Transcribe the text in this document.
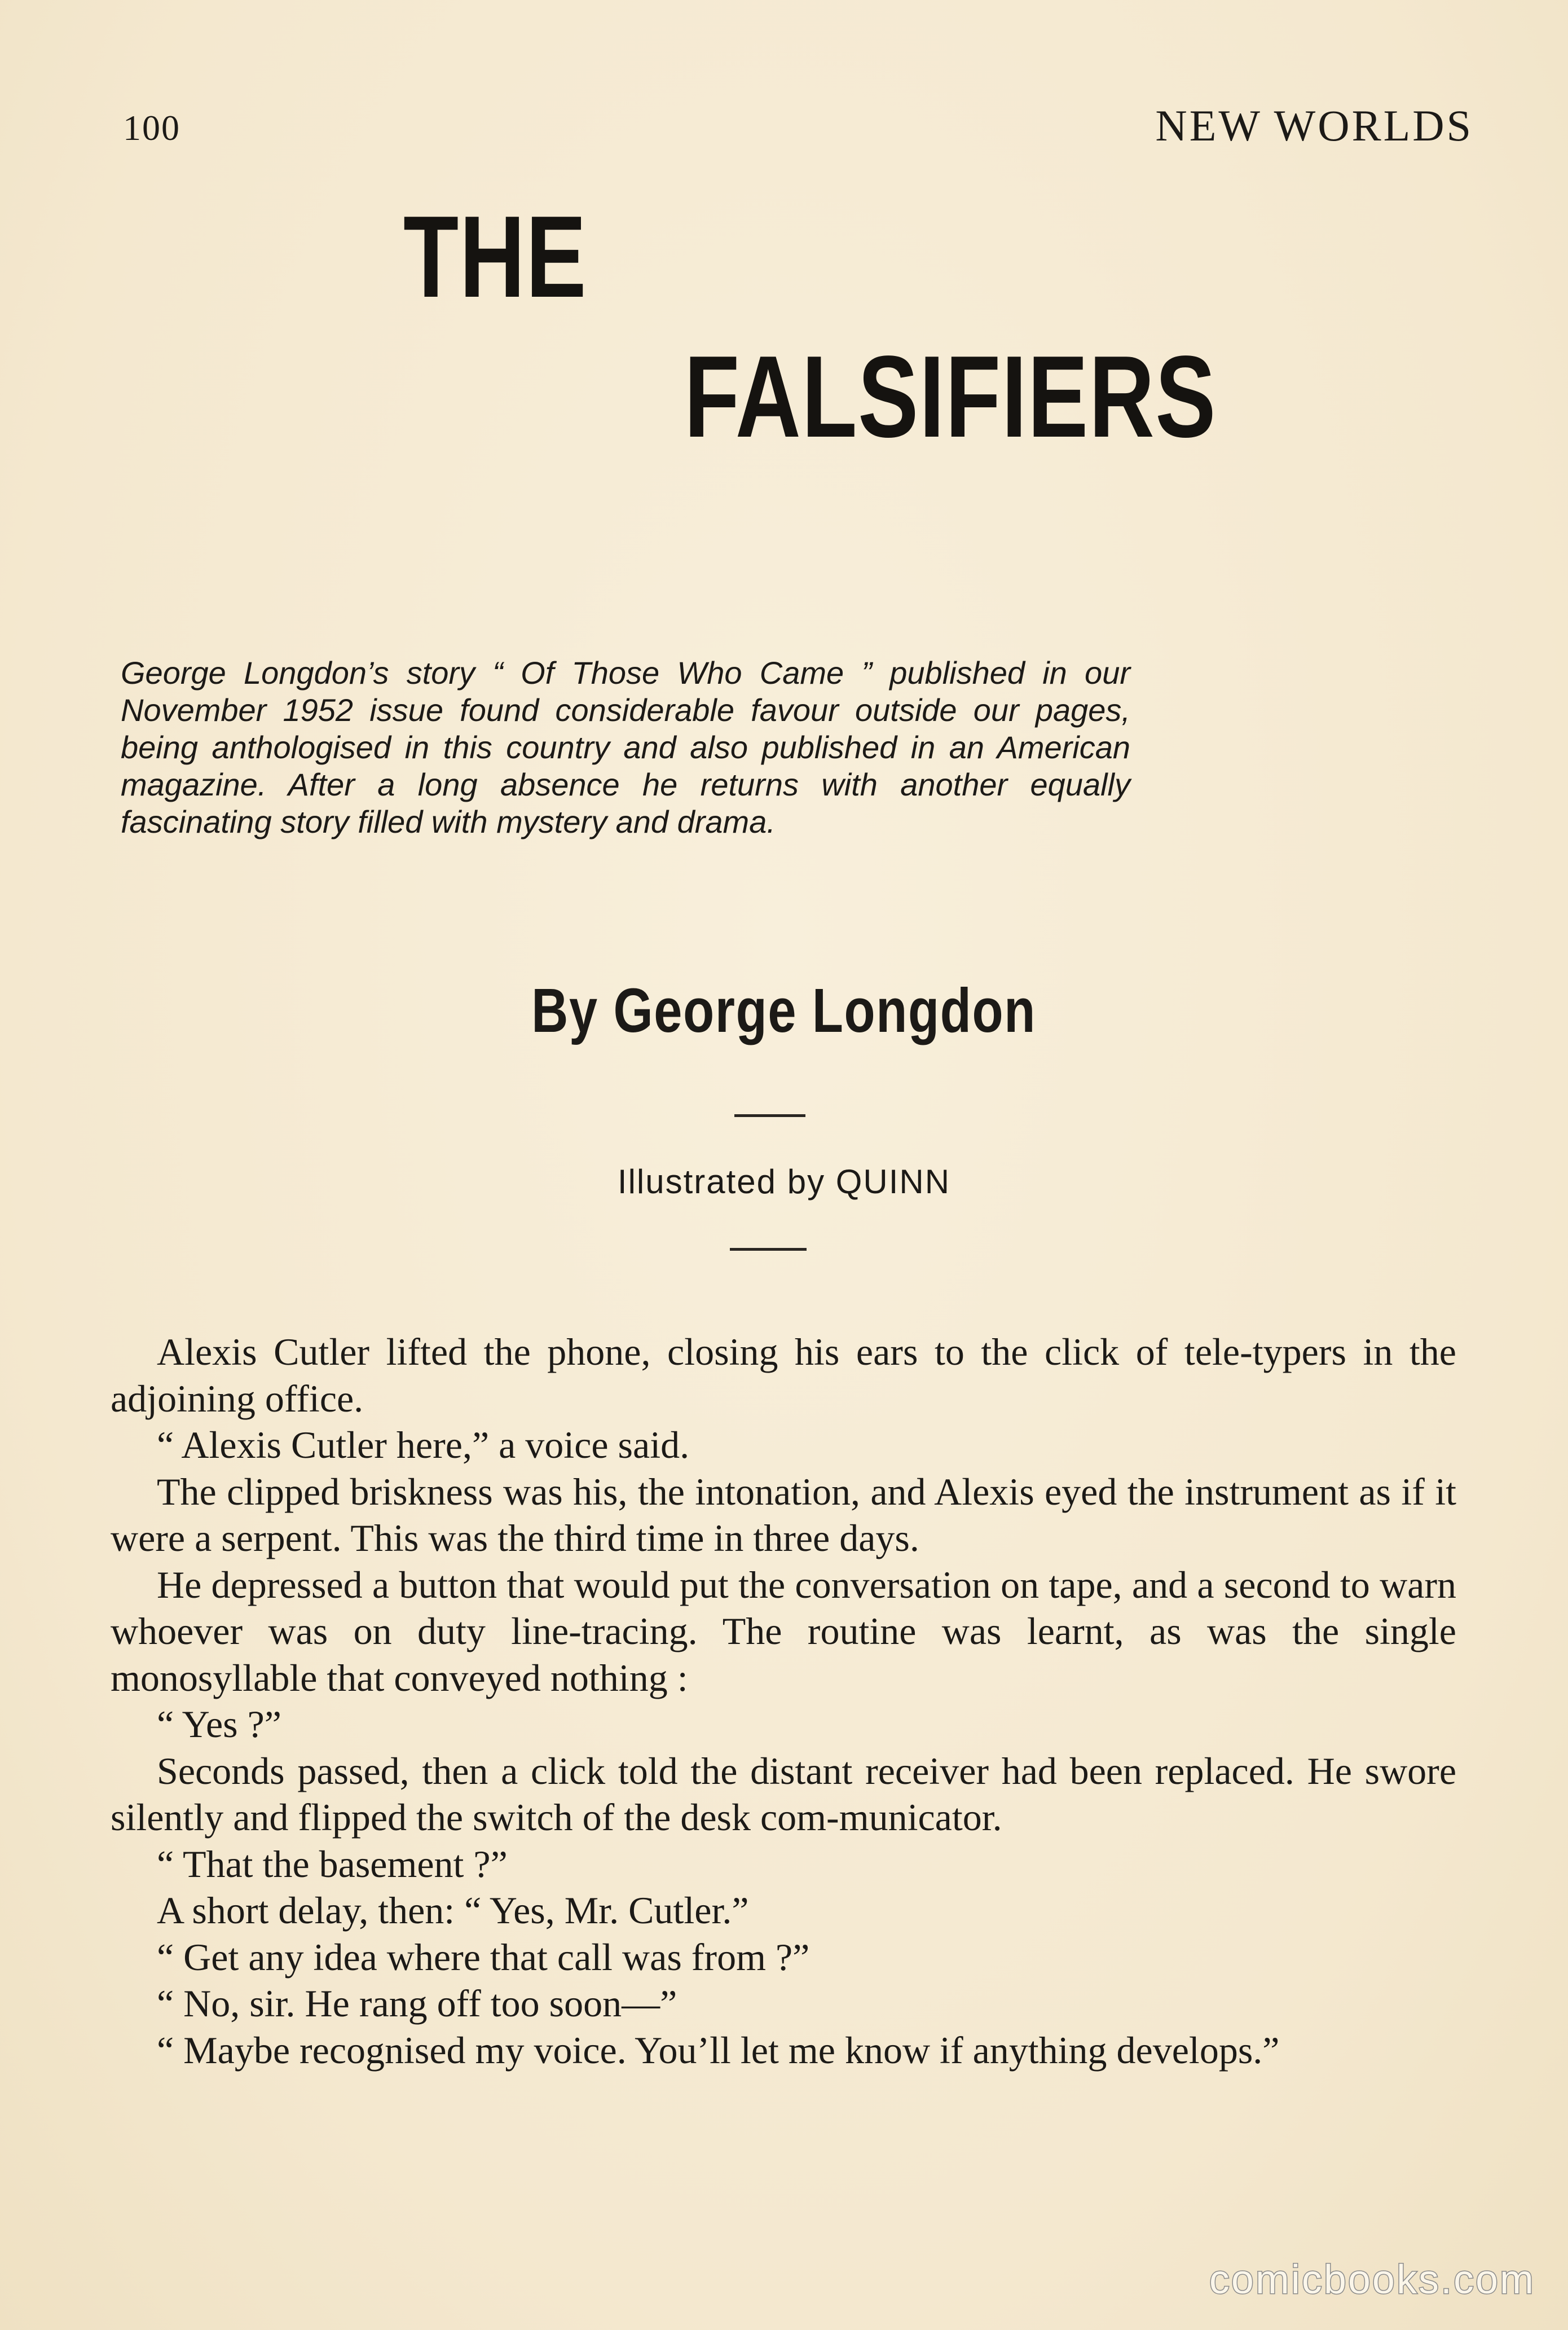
100	NEW WORLDS
THE
FALSIFIERS
George Longdon’s story “ Of Those Who Came ” published in our November 1952 issue found considerable favour outside our pages, being anthologised in this country and also published in an American magazine. After a long absence he returns with another equally fascinating story filled with mystery and drama.
By George Longdon
Illustrated by QUINN

Alexis Cutler lifted the phone, closing his ears to the click of tele-typers in the adjoining office.

“ Alexis Cutler here,” a voice said.

The clipped briskness was his, the intonation, and Alexis eyed the instrument as if it were a serpent. This was the third time in three days.

He depressed a button that would put the conversation on tape, and a second to warn whoever was on duty line-tracing. The routine was learnt, as was the single monosyllable that conveyed nothing :

“ Yes ?”

Seconds passed, then a click told the distant receiver had been replaced. He swore silently and flipped the switch of the desk com-municator.

“ That the basement ?”

A short delay, then: “ Yes, Mr. Cutler.”

“ Get any idea where that call was from ?”

“ No, sir. He rang off too soon—”

“ Maybe recognised my voice. You’ll let me know if anything develops.”

comicbooks.com
